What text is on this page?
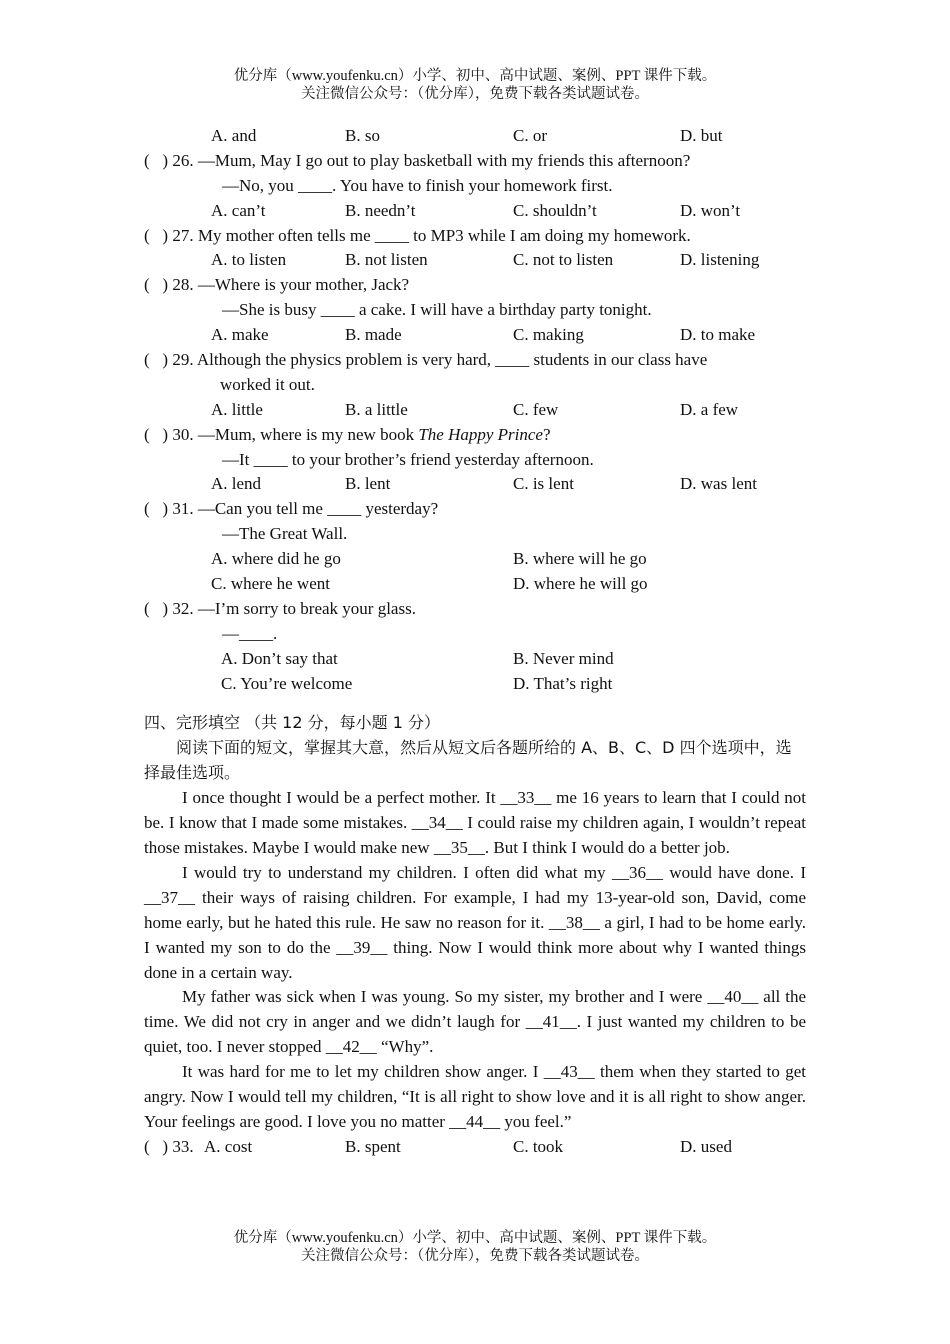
优分库（www.youfenku.cn）小学、初中、高中试题、案例、PPT 课件下载。
关注微信公众号：（优分库），免费下载各类试题试卷。
A. and	B. so	C. or	D. but
(   ) 26. —Mum, May I go out to play basketball with my friends this afternoon?
—No, you ____. You have to finish your homework first.
A. can’t	B. needn’t	C. shouldn’t	D. won’t
(   ) 27. My mother often tells me ____ to MP3 while I am doing my homework.
A. to listen	B. not listen	C. not to listen	D. listening
(   ) 28. —Where is your mother, Jack?
—She is busy ____ a cake. I will have a birthday party tonight.
A. make	B. made	C. making	D. to make
(   ) 29. Although the physics problem is very hard, ____ students in our class have
worked it out.
A. little	B. a little	C. few	D. a few
(   ) 30. —Mum, where is my new book The Happy Prince?
—It ____ to your brother’s friend yesterday afternoon.
A. lend	B. lent	C. is lent	D. was lent
(   ) 31. —Can you tell me ____ yesterday?
—The Great Wall.
A. where did he go	B. where will he go
C. where he went	D. where he will go
(   ) 32. —I’m sorry to break your glass.
—____.
A. Don’t say that	B. Never mind
C. You’re welcome	D. That’s right
四、完形填空 （共 12 分，每小题 1 分）
阅读下面的短文，掌握其大意，然后从短文后各题所给的 A、B、C、D 四个选项中，选择最佳选项。
I once thought I would be a perfect mother. It __33__ me 16 years to learn that I could not be. I know that I made some mistakes. __34__ I could raise my children again, I wouldn’t repeat those mistakes. Maybe I would make new __35__. But I think I would do a better job.
I would try to understand my children. I often did what my __36__ would have done. I __37__ their ways of raising children. For example, I had my 13-year-old son, David, come home early, but he hated this rule. He saw no reason for it. __38__ a girl, I had to be home early. I wanted my son to do the __39__ thing. Now I would think more about why I wanted things done in a certain way.
My father was sick when I was young. So my sister, my brother and I were __40__ all the time. We did not cry in anger and we didn’t laugh for __41__. I just wanted my children to be quiet, too. I never stopped __42__ “Why”.
It was hard for me to let my children show anger. I __43__ them when they started to get angry. Now I would tell my children, “It is all right to show love and it is all right to show anger. Your feelings are good. I love you no matter __44__ you feel.”
(   ) 33. A. cost	B. spent	C. took	D. used
优分库（www.youfenku.cn）小学、初中、高中试题、案例、PPT 课件下载。
关注微信公众号：（优分库），免费下载各类试题试卷。
